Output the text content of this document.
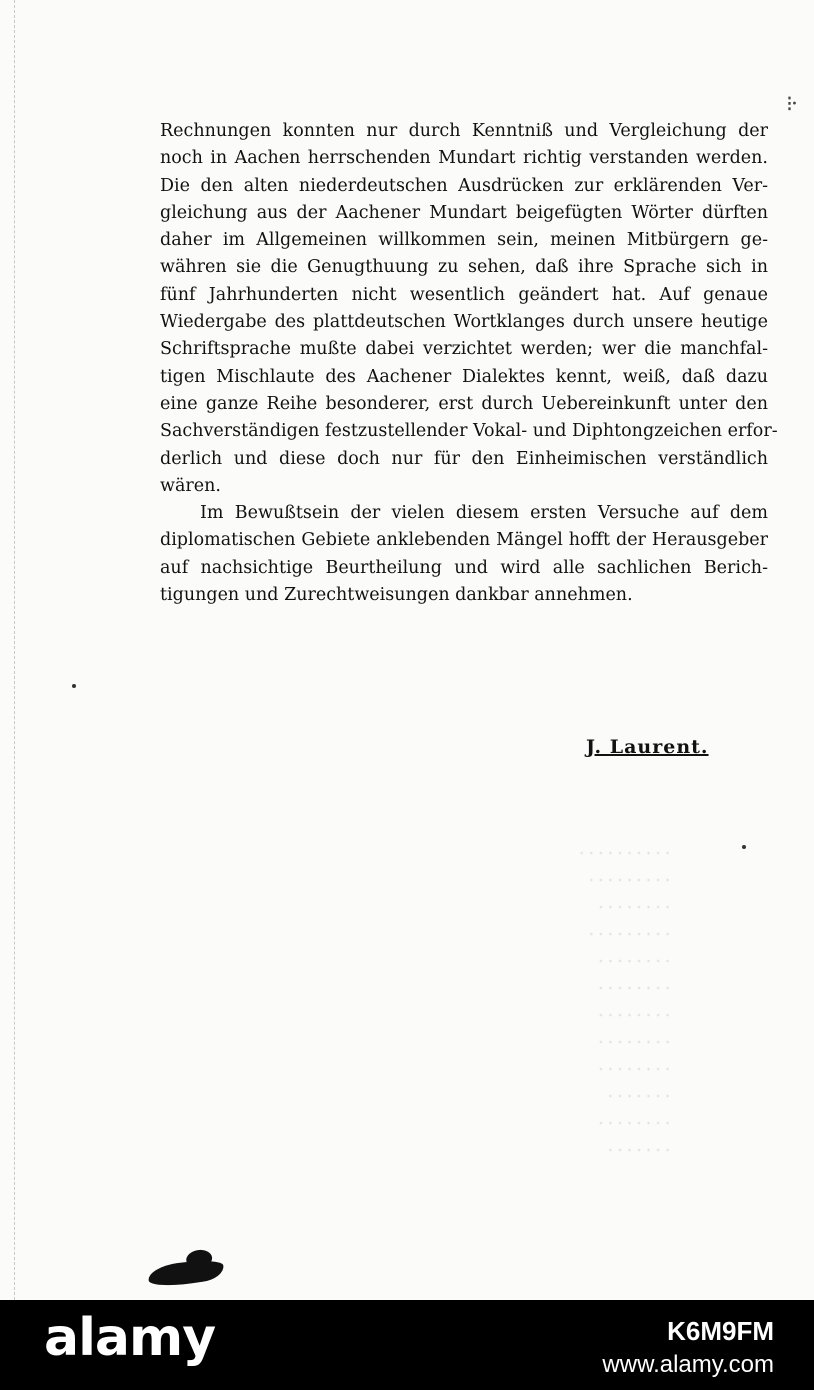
⁝·
Rechnungen konnten nur durch Kenntniß und Vergleichung der
noch in Aachen herrschenden Mundart richtig verstanden werden.
Die den alten niederdeutschen Ausdrücken zur erklärenden Ver-
gleichung aus der Aachener Mundart beigefügten Wörter dürften
daher im Allgemeinen willkommen sein, meinen Mitbürgern ge-
währen sie die Genugthuung zu sehen, daß ihre Sprache sich in
fünf Jahrhunderten nicht wesentlich geändert hat. Auf genaue
Wiedergabe des plattdeutschen Wortklanges durch unsere heutige
Schriftsprache mußte dabei verzichtet werden; wer die manchfal-
tigen Mischlaute des Aachener Dialektes kennt, weiß, daß dazu
eine ganze Reihe besonderer, erst durch Uebereinkunft unter den
Sachverständigen festzustellender Vokal- und Diphtongzeichen erfor-
derlich und diese doch nur für den Einheimischen verständlich
wären.
Im Bewußtsein der vielen diesem ersten Versuche auf dem
diplomatischen Gebiete anklebenden Mängel hofft der Herausgeber
auf nachsichtige Beurtheilung und wird alle sachlichen Berich-
tigungen und Zurechtweisungen dankbar annehmen.
J. Laurent.
· · · · · · · · · ·
· · · · · · · · ·
· · · · · · · ·
· · · · · · · · ·
· · · · · · · ·
· · · · · · · ·
· · · · · · · ·
· · · · · · · ·
· · · · · · · ·
· · · · · · ·
· · · · · · · ·
· · · · · · ·
alamy	K6M9FM
www.alamy.com
